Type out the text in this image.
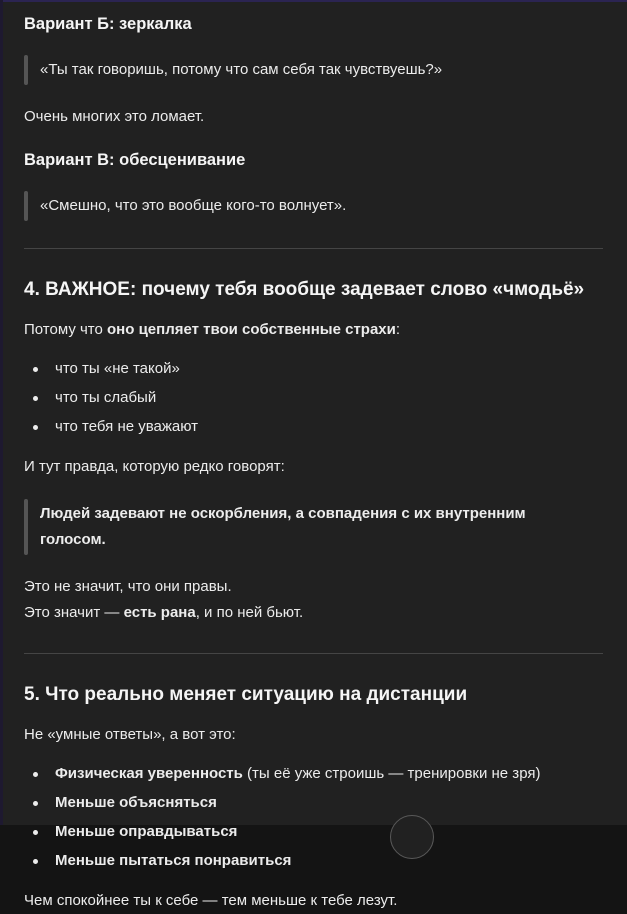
Вариант Б: зеркалка
«Ты так говоришь, потому что сам себя так чувствуешь?»

Очень многих это ломает.

Вариант В: обесценивание
«Смешно, что это вообще кого-то волнует».
4. ВАЖНОЕ: почему тебя вообще задевает слово «чмодьё»

Потому что оно цепляет твои собственные страхи:

что ты «не такой»
что ты слабый
что тебя не уважают

И тут правда, которую редко говорят:

Людей задевают не оскорбления, а совпадения с их внутренним голосом.

Это не значит, что они правы.
Это значит — есть рана, и по ней бьют.

5. Что реально меняет ситуацию на дистанции

Не «умные ответы», а вот это:

Физическая уверенность (ты её уже строишь — тренировки не зря)
Меньше объясняться
Меньше оправдываться
Меньше пытаться понравиться

Чем спокойнее ты к себе — тем меньше к тебе лезут.
